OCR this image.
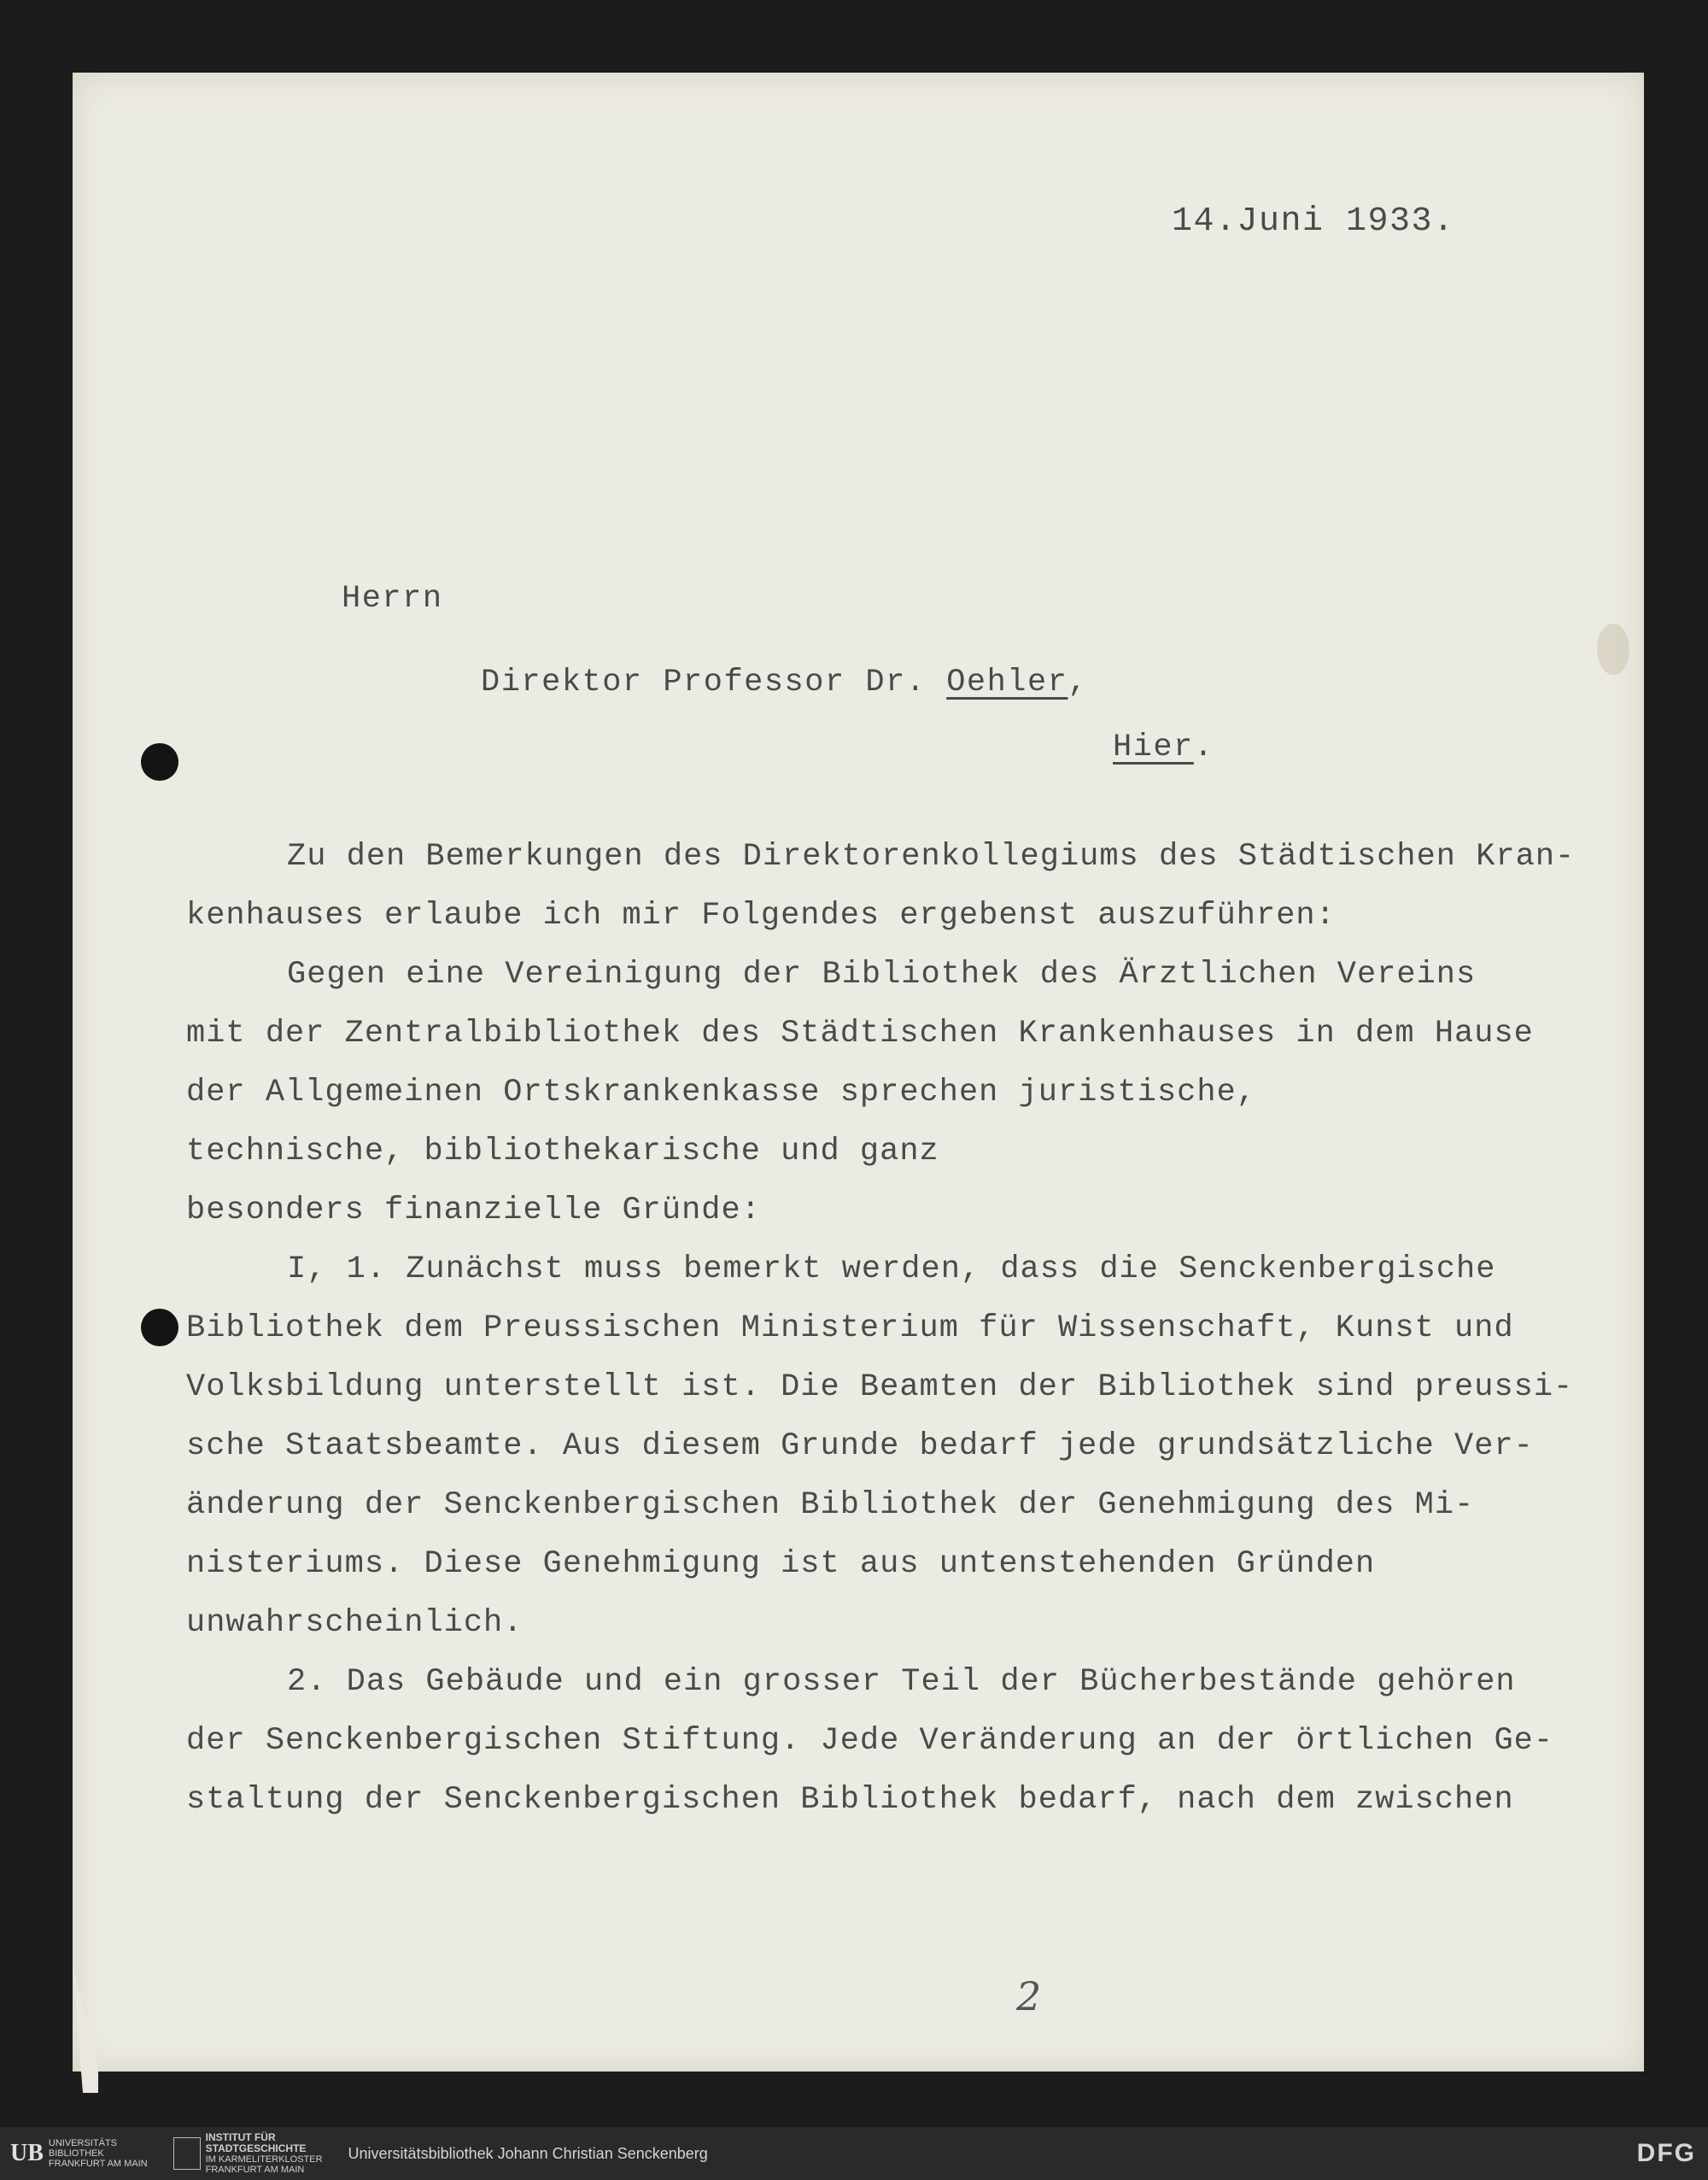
14.Juni 1933.
Herrn
Direktor Professor Dr. Oehler,
Hier.
Zu den Bemerkungen des Direktorenkollegiums des Städtischen Kran-
kenhauses erlaube ich mir Folgendes ergebenst auszuführen:
Gegen eine Vereinigung der Bibliothek des Ärztlichen Vereins
mit der Zentralbibliothek des Städtischen Krankenhauses in dem Hause
der Allgemeinen Ortskrankenkasse sprechen juristische,
technische, bibliothekarische und ganz
besonders finanzielle Gründe:
I, 1. Zunächst muss bemerkt werden, dass die Senckenbergische
Bibliothek dem Preussischen Ministerium für Wissenschaft, Kunst und
Volksbildung unterstellt ist. Die Beamten der Bibliothek sind preussi-
sche Staatsbeamte. Aus diesem Grunde bedarf jede grundsätzliche Ver-
änderung der Senckenbergischen Bibliothek der Genehmigung des Mi-
nisteriums. Diese Genehmigung ist aus untenstehenden Gründen
unwahrscheinlich.
2. Das Gebäude und ein grosser Teil der Bücherbestände gehören
der Senckenbergischen Stiftung. Jede Veränderung an der örtlichen Ge-
staltung der Senckenbergischen Bibliothek bedarf, nach dem zwischen
2
UB UNIVERSITÄTS
BIBLIOTHEK
FRANKFURT AM MAIN
INSTITUT FÜR
STADTGESCHICHTE
IM KARMELITERKLOSTER
FRANKFURT AM MAIN
Universitätsbibliothek Johann Christian Senckenberg	DFG
